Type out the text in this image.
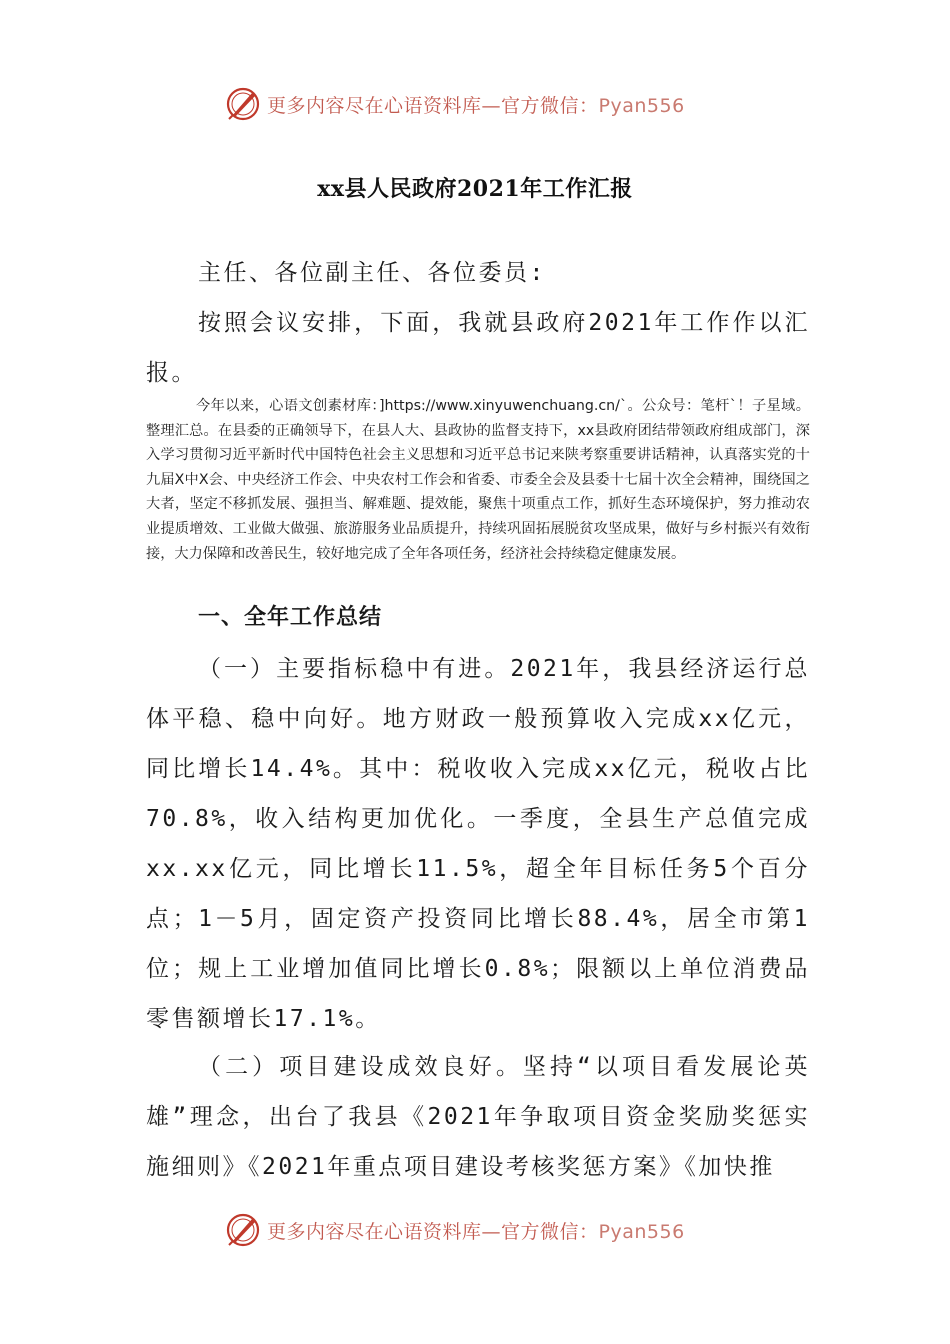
更多内容尽在心语资料库—官方微信：Pyan556
xx县人民政府2021年工作汇报
主任、各位副主任、各位委员:
按照会议安排，下面，我就县政府2021年工作作以汇报。
今年以来，心语文创素材库：]https://www.xinyuwenchuang.cn/`。公众号：笔杆`！子星域。整理汇总。在县委的正确领导下，在县人大、县政协的监督支持下，xx县政府团结带领政府组成部门，深入学习贯彻习近平新时代中国特色社会主义思想和习近平总书记来陕考察重要讲话精神，认真落实党的十九届X中X会、中央经济工作会、中央农村工作会和省委、市委全会及县委十七届十次全会精神，围绕国之大者，坚定不移抓发展、强担当、解难题、提效能，聚焦十项重点工作，抓好生态环境保护，努力推动农业提质增效、工业做大做强、旅游服务业品质提升，持续巩固拓展脱贫攻坚成果，做好与乡村振兴有效衔接，大力保障和改善民生，较好地完成了全年各项任务，经济社会持续稳定健康发展。
一、全年工作总结
（一）主要指标稳中有进。2021年，我县经济运行总体平稳、稳中向好。地方财政一般预算收入完成xx亿元，同比增长14.4%。其中：税收收入完成xx亿元，税收占比70.8%，收入结构更加优化。一季度，全县生产总值完成xx.xx亿元，同比增长11.5%，超全年目标任务5个百分点；1－5月，固定资产投资同比增长88.4%，居全市第1位；规上工业增加值同比增长0.8%；限额以上单位消费品零售额增长17.1%。
（二）项目建设成效良好。坚持“以项目看发展论英雄”理念，出台了我县《2021年争取项目资金奖励奖惩实施细则》《2021年重点项目建设考核奖惩方案》《加快推
更多内容尽在心语资料库—官方微信：Pyan556
